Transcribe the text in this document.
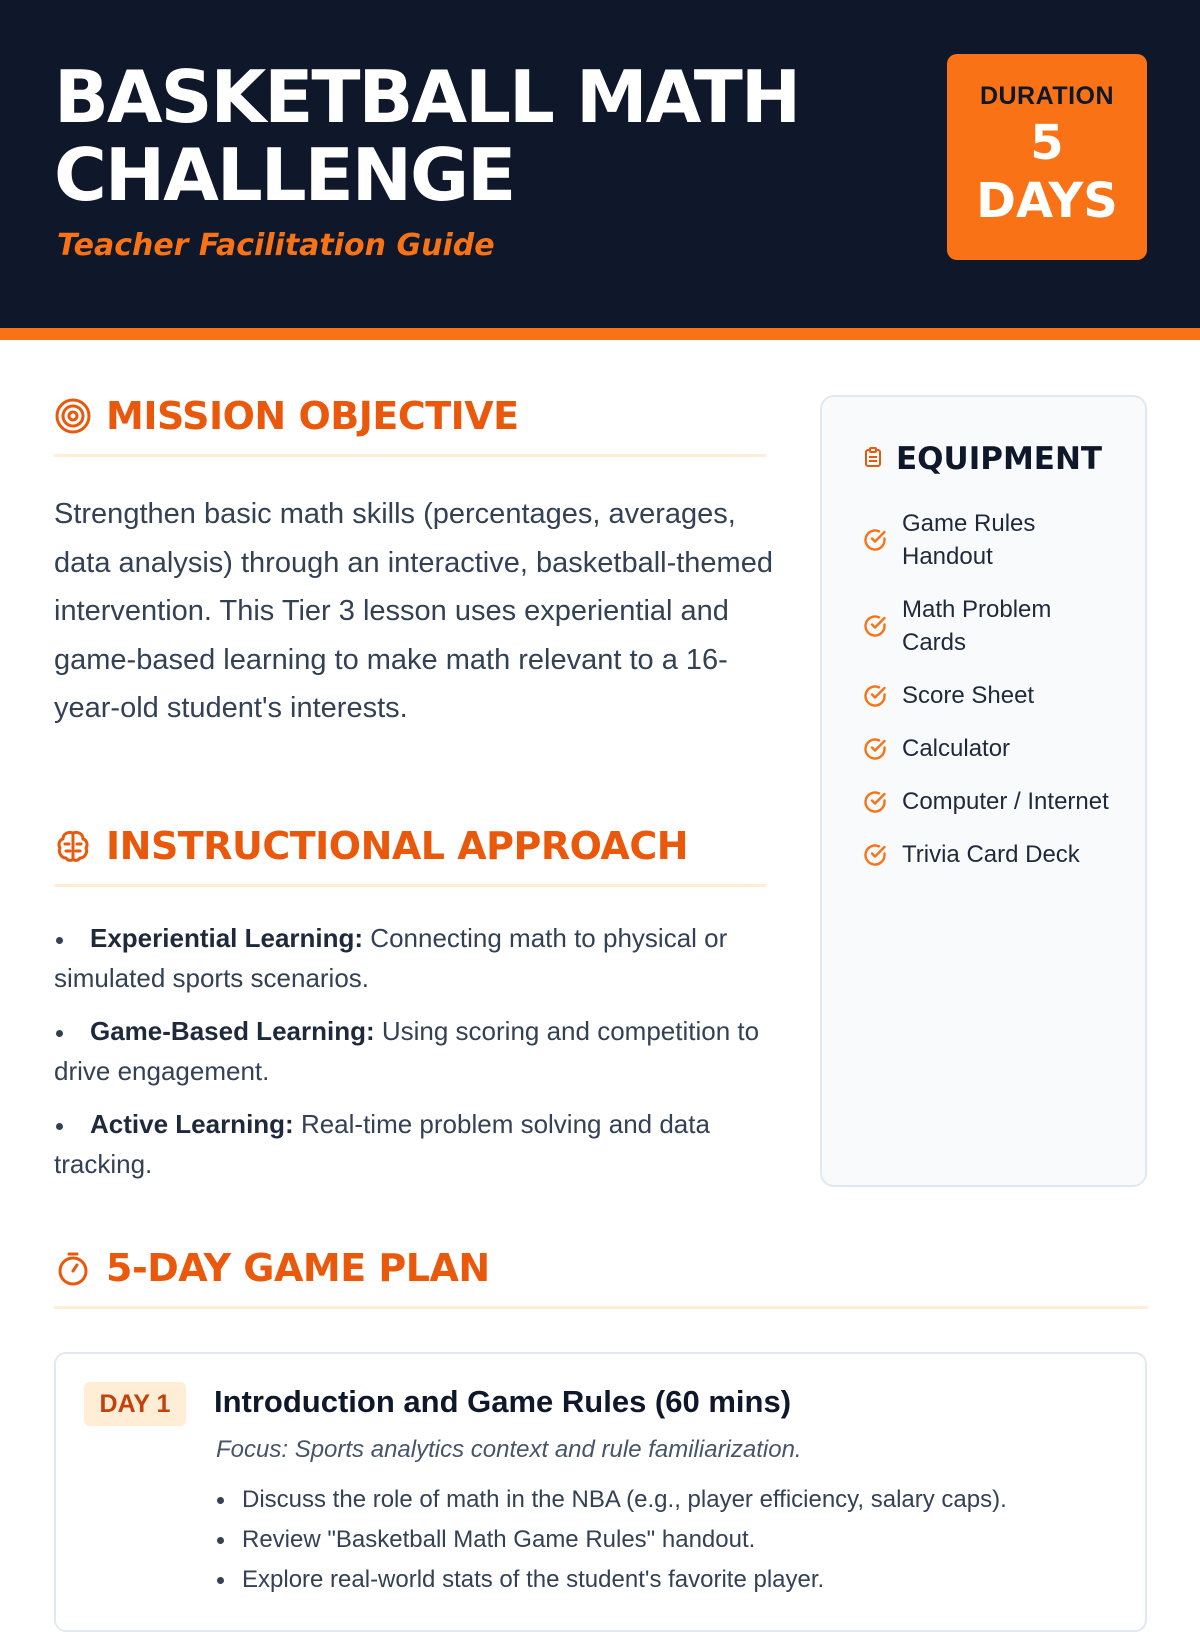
BASKETBALL MATH CHALLENGE
Teacher Facilitation Guide
DURATION
5
DAYS
MISSION OBJECTIVE

Strengthen basic math skills (percentages, averages, data analysis) through an interactive, basketball-themed intervention. This Tier 3 lesson uses experiential and game-based learning to make math relevant to a 16-year-old student's interests.

INSTRUCTIONAL APPROACH
Experiential Learning: Connecting math to physical or simulated sports scenarios.
Game-Based Learning: Using scoring and competition to drive engagement.
Active Learning: Real-time problem solving and data tracking.
EQUIPMENT
Game Rules Handout
Math Problem Cards
Score Sheet
Calculator
Computer / Internet
Trivia Card Deck
5-DAY GAME PLAN
DAY 1	Introduction and Game Rules (60 mins)
Focus: Sports analytics context and rule familiarization.
Discuss the role of math in the NBA (e.g., player efficiency, salary caps).
Review "Basketball Math Game Rules" handout.
Explore real-world stats of the student's favorite player.
